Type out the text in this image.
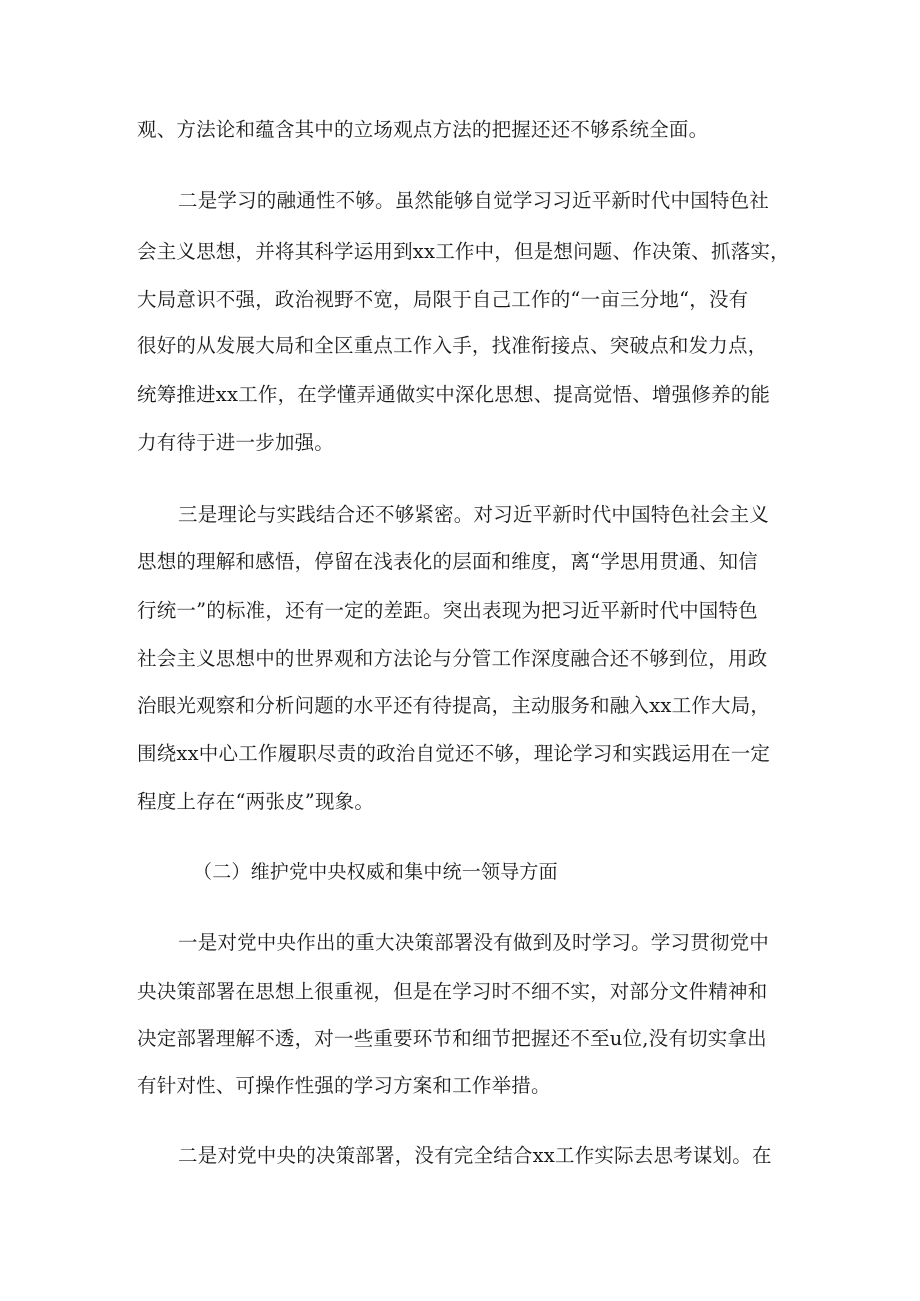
观、方法论和蕴含其中的立场观点方法的把握还还不够系统全面。
二是学习的融通性不够。虽然能够自觉学习习近平新时代中国特色社
会主义思想，并将其科学运用到xx工作中，但是想问题、作决策、抓落实，
大局意识不强，政治视野不宽，局限于自己工作的“一亩三分地“，没有
很好的从发展大局和全区重点工作入手，找准衔接点、突破点和发力点，
统筹推进xx工作，在学懂弄通做实中深化思想、提高觉悟、增强修养的能
力有待于进一步加强。
三是理论与实践结合还不够紧密。对习近平新时代中国特色社会主义
思想的理解和感悟，停留在浅表化的层面和维度，离“学思用贯通、知信
行统一”的标准，还有一定的差距。突出表现为把习近平新时代中国特色
社会主义思想中的世界观和方法论与分管工作深度融合还不够到位，用政
治眼光观察和分析问题的水平还有待提高，主动服务和融入xx工作大局，
围绕xx中心工作履职尽责的政治自觉还不够，理论学习和实践运用在一定
程度上存在“两张皮”现象。
（二）维护党中央权威和集中统一领导方面
一是对党中央作出的重大决策部署没有做到及时学习。学习贯彻党中
央决策部署在思想上很重视，但是在学习时不细不实，对部分文件精神和
决定部署理解不透，对一些重要环节和细节把握还不至u位,没有切实拿出
有针对性、可操作性强的学习方案和工作举措。
二是对党中央的决策部署，没有完全结合xx工作实际去思考谋划。在
